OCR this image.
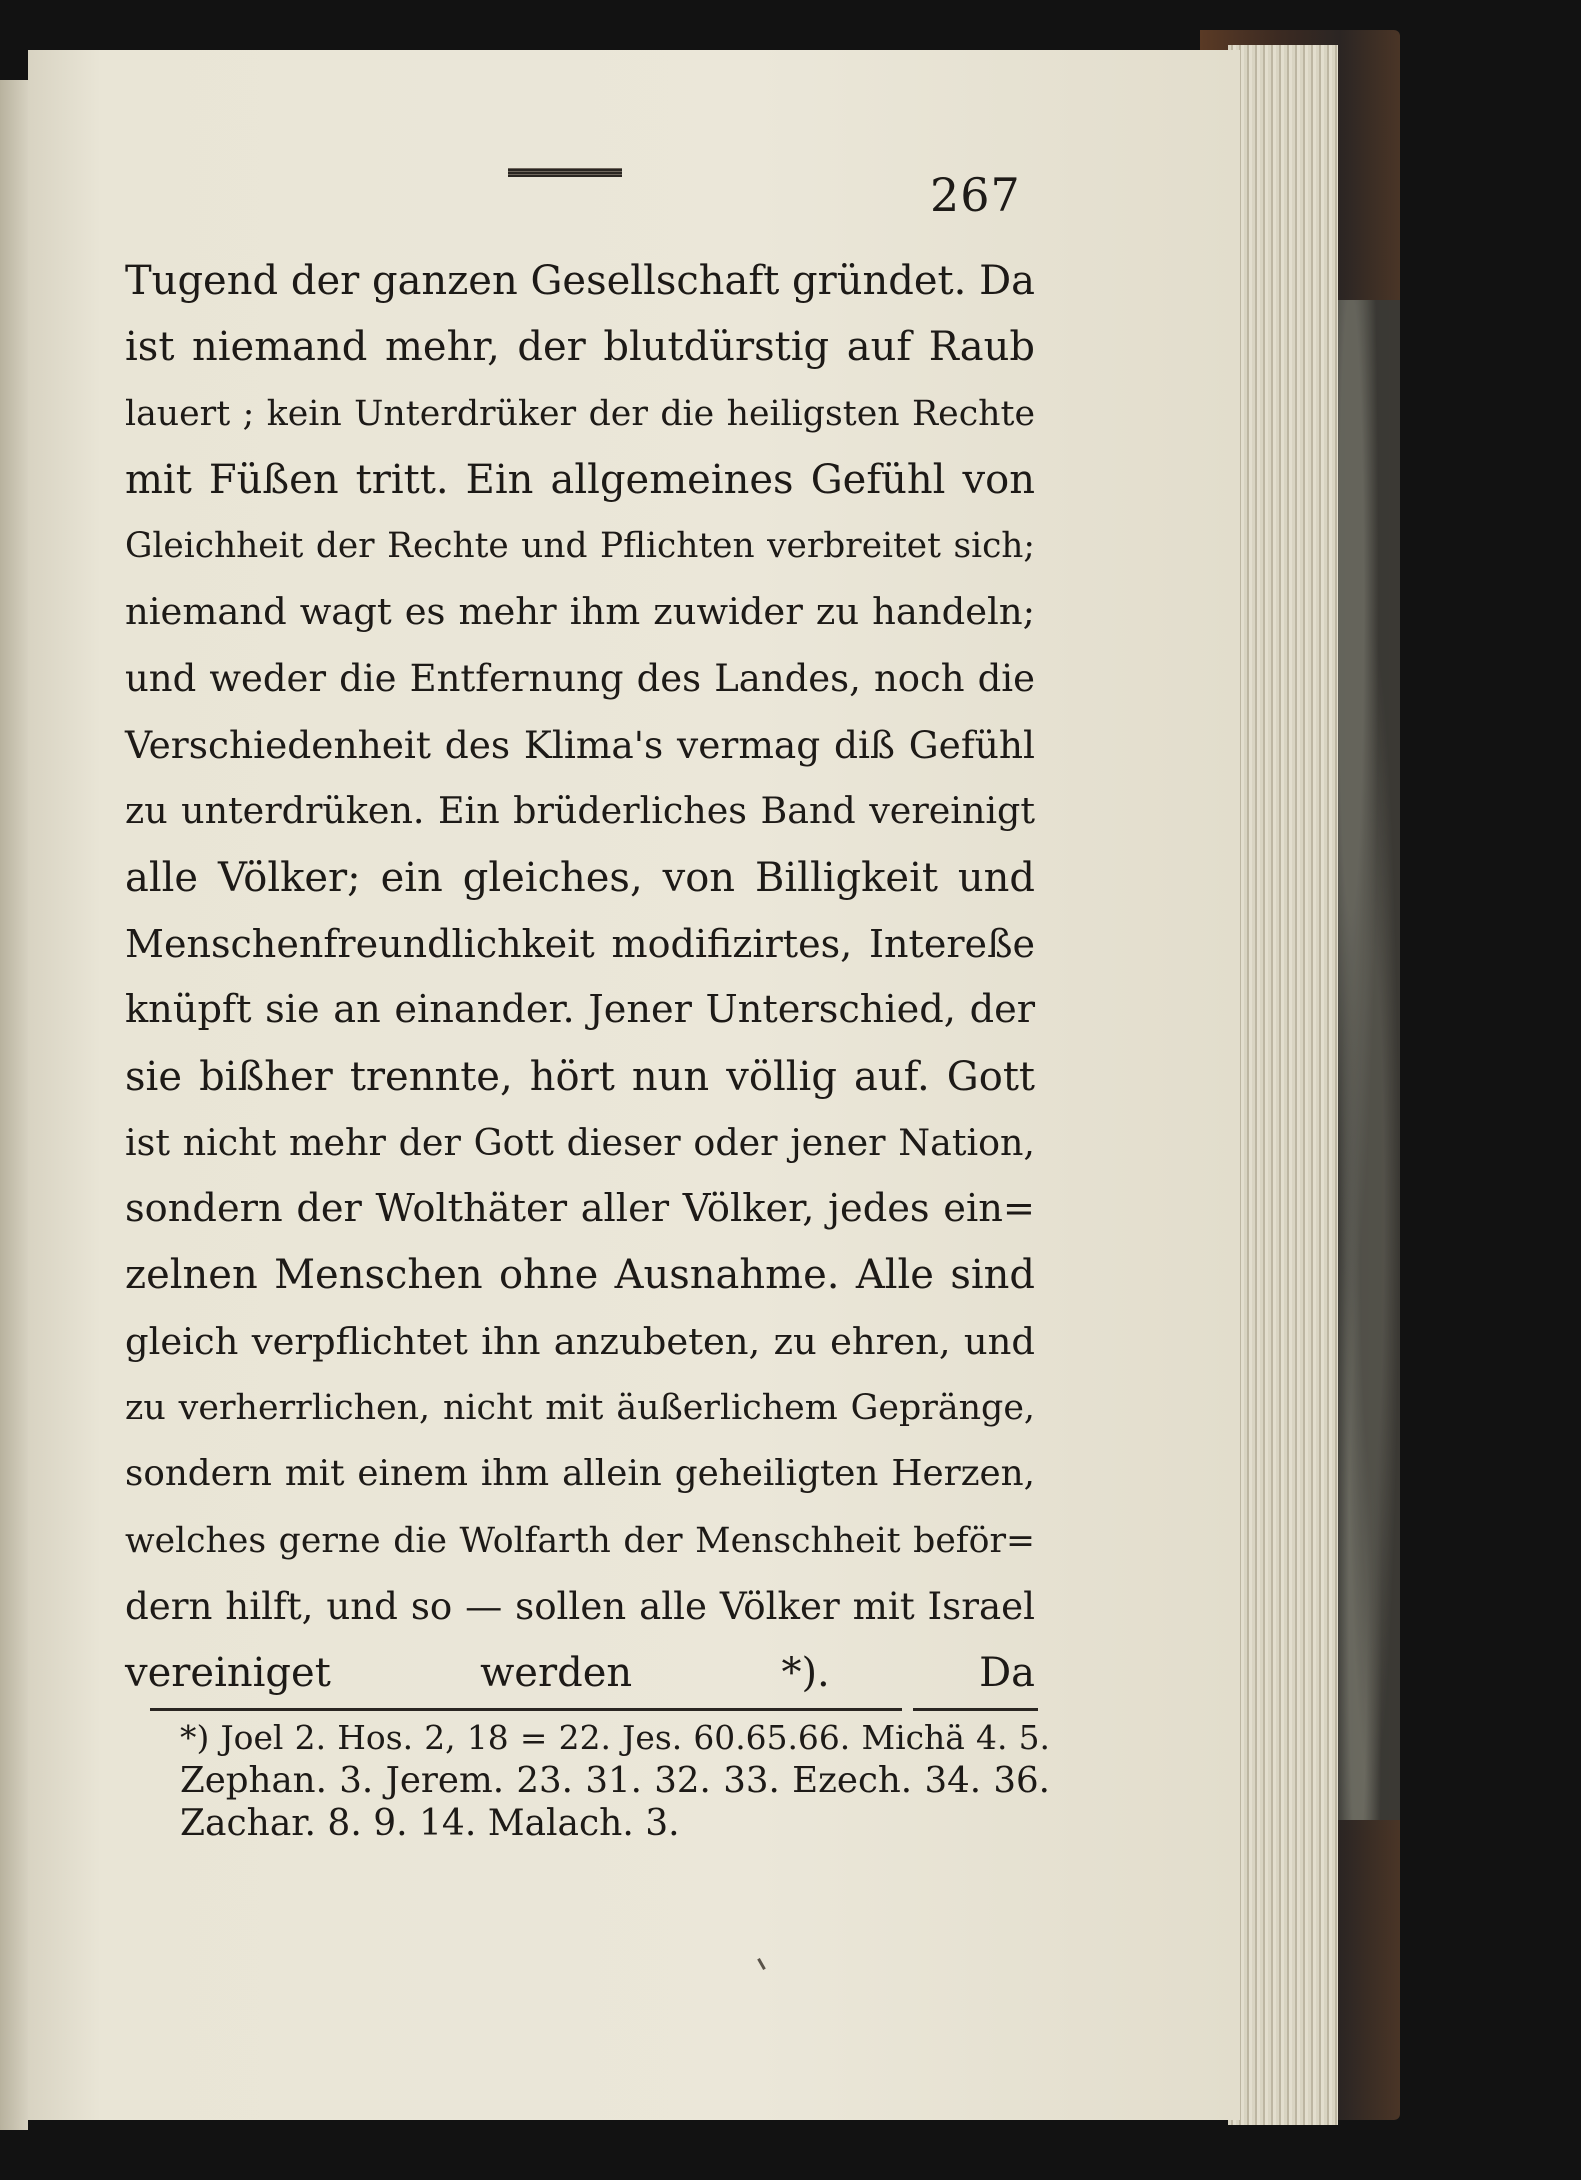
267
Tugend der ganzen Gesellschaft gründet. Da
ist niemand mehr, der blutdürstig auf Raub
lauert ; kein Unterdrüker der die heiligsten Rechte
mit Füßen tritt. Ein allgemeines Gefühl von
Gleichheit der Rechte und Pflichten verbreitet sich;
niemand wagt es mehr ihm zuwider zu handeln;
und weder die Entfernung des Landes, noch die
Verschiedenheit des Klima's vermag diß Gefühl
zu unterdrüken. Ein brüderliches Band vereinigt
alle Völker; ein gleiches, von Billigkeit und
Menschenfreundlichkeit modifizirtes, Intereße
knüpft sie an einander. Jener Unterschied, der
sie bißher trennte, hört nun völlig auf. Gott
ist nicht mehr der Gott dieser oder jener Nation,
sondern der Wolthäter aller Völker, jedes ein=
zelnen Menschen ohne Ausnahme. Alle sind
gleich verpflichtet ihn anzubeten, zu ehren, und
zu verherrlichen, nicht mit äußerlichem Gepränge,
sondern mit einem ihm allein geheiligten Herzen,
welches gerne die Wolfarth der Menschheit beför=
dern hilft, und so — sollen alle Völker mit Israel
vereiniget werden *). Da
*) Joel 2. Hos. 2, 18 = 22. Jes. 60.65.66. Michä 4. 5.
Zephan. 3. Jerem. 23. 31. 32. 33. Ezech. 34. 36.
Zachar. 8. 9. 14. Malach. 3.
